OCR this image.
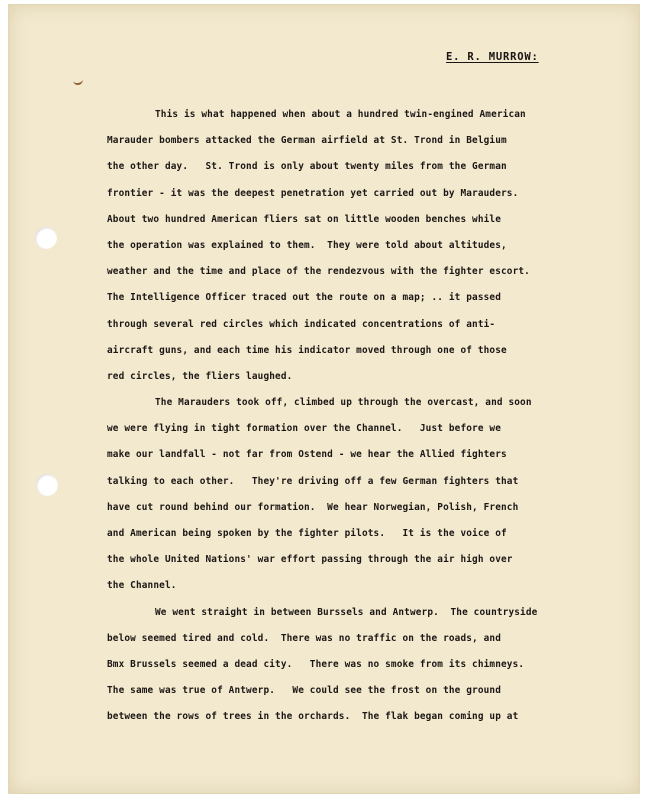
E. R. MURROW:
This is what happened when about a hundred twin-engined American
Marauder bombers attacked the German airfield at St. Trond in Belgium
the other day.   St. Trond is only about twenty miles from the German
frontier - it was the deepest penetration yet carried out by Marauders.
About two hundred American fliers sat on little wooden benches while
the operation was explained to them.  They were told about altitudes,
weather and the time and place of the rendezvous with the fighter escort.
The Intelligence Officer traced out the route on a map; .. it passed
through several red circles which indicated concentrations of anti-
aircraft guns, and each time his indicator moved through one of those
red circles, the fliers laughed.
The Marauders took off, climbed up through the overcast, and soon
we were flying in tight formation over the Channel.   Just before we
make our landfall - not far from Ostend - we hear the Allied fighters
talking to each other.   They're driving off a few German fighters that
have cut round behind our formation.  We hear Norwegian, Polish, French
and American being spoken by the fighter pilots.   It is the voice of
the whole United Nations' war effort passing through the air high over
the Channel.
We went straight in between Burssels and Antwerp.  The countryside
below seemed tired and cold.  There was no traffic on the roads, and
Bmx Brussels seemed a dead city.   There was no smoke from its chimneys.
The same was true of Antwerp.   We could see the frost on the ground
between the rows of trees in the orchards.  The flak began coming up at
